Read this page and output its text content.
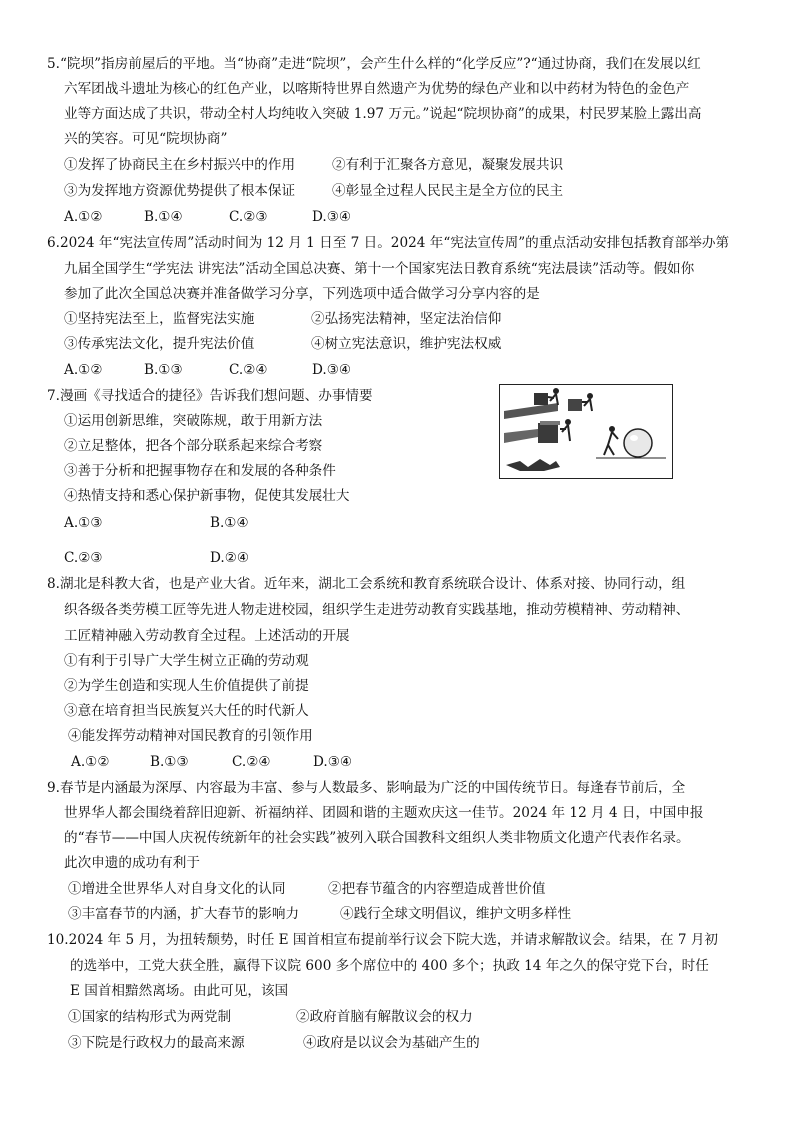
5.“院坝”指房前屋后的平地。当“协商”走进“院坝”，会产生什么样的“化学反应”?“通过协商，我们在发展以红
六军团战斗遗址为核心的红色产业，以喀斯特世界自然遗产为优势的绿色产业和以中药材为特色的金色产
业等方面达成了共识，带动全村人均纯收入突破 1.97 万元。”说起“院坝协商”的成果，村民罗某脸上露出高
兴的笑容。可见“院坝协商”
①发挥了协商民主在乡村振兴中的作用	②有利于汇聚各方意见，凝聚发展共识
③为发挥地方资源优势提供了根本保证	④彰显全过程人民民主是全方位的民主
A.①②	B.①④	C.②③	D.③④
6.2024 年“宪法宣传周”活动时间为 12 月 1 日至 7 日。2024 年“宪法宣传周”的重点活动安排包括教育部举办第
九届全国学生“学宪法 讲宪法”活动全国总决赛、第十一个国家宪法日教育系统“宪法晨读”活动等。假如你
参加了此次全国总决赛并准备做学习分享，下列选项中适合做学习分享内容的是
①坚持宪法至上，监督宪法实施	②弘扬宪法精神，坚定法治信仰
③传承宪法文化，提升宪法价值	④树立宪法意识，维护宪法权威
A.①②	B.①③	C.②④	D.③④
7.漫画《寻找适合的捷径》告诉我们想问题、办事情要
①运用创新思维，突破陈规，敢于用新方法
②立足整体，把各个部分联系起来综合考察
③善于分析和把握事物存在和发展的各种条件
④热情支持和悉心保护新事物，促使其发展壮大
A.①③	B.①④
C.②③	D.②④
8.湖北是科教大省，也是产业大省。近年来，湖北工会系统和教育系统联合设计、体系对接、协同行动，组
织各级各类劳模工匠等先进人物走进校园，组织学生走进劳动教育实践基地，推动劳模精神、劳动精神、
工匠精神融入劳动教育全过程。上述活动的开展
①有利于引导广大学生树立正确的劳动观
②为学生创造和实现人生价值提供了前提
③意在培育担当民族复兴大任的时代新人
④能发挥劳动精神对国民教育的引领作用
A.①②	B.①③	C.②④	D.③④
9.春节是内涵最为深厚、内容最为丰富、参与人数最多、影响最为广泛的中国传统节日。每逢春节前后，全
世界华人都会围绕着辞旧迎新、祈福纳祥、团圆和谐的主题欢庆这一佳节。2024 年 12 月 4 日，中国申报
的“春节——中国人庆祝传统新年的社会实践”被列入联合国教科文组织人类非物质文化遗产代表作名录。
此次申遗的成功有利于
①增进全世界华人对自身文化的认同	②把春节蕴含的内容塑造成普世价值
③丰富春节的内涵，扩大春节的影响力	④践行全球文明倡议，维护文明多样性
10.2024 年 5 月，为扭转颓势，时任 E 国首相宣布提前举行议会下院大选，并请求解散议会。结果，在 7 月初
的选举中，工党大获全胜，赢得下议院 600 多个席位中的 400 多个；执政 14 年之久的保守党下台，时任
E 国首相黯然离场。由此可见，该国
①国家的结构形式为两党制	②政府首脑有解散议会的权力
③下院是行政权力的最高来源	④政府是以议会为基础产生的
